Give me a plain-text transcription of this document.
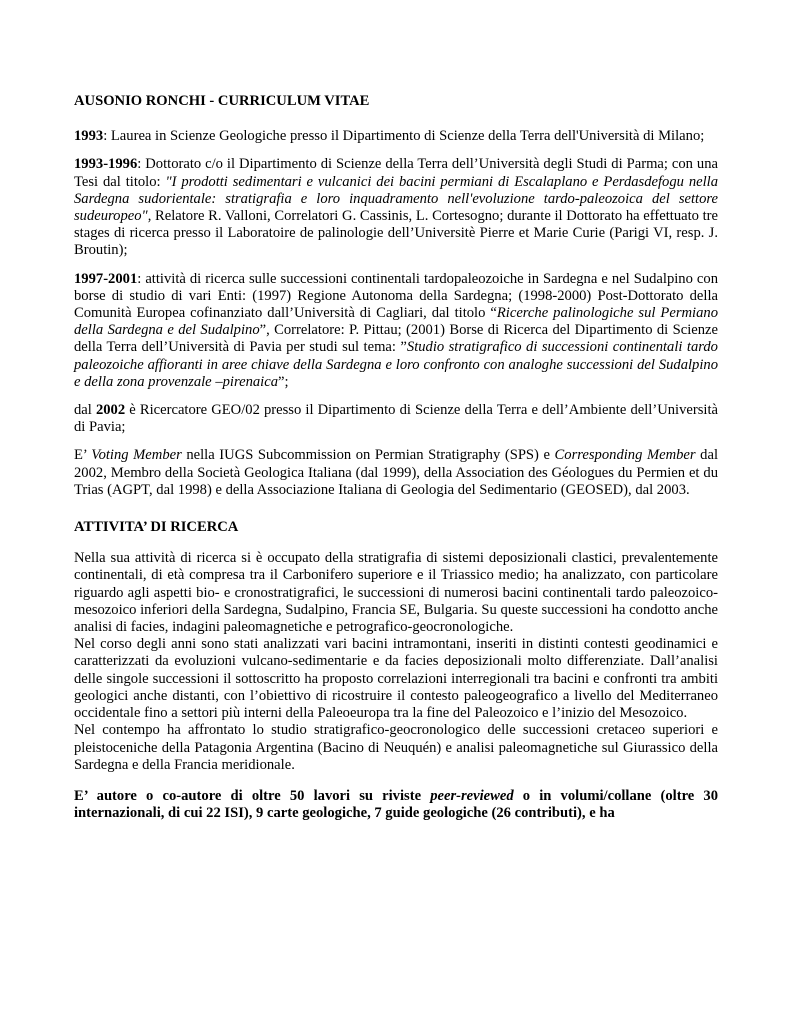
AUSONIO RONCHI - CURRICULUM VITAE

1993: Laurea in Scienze Geologiche presso il Dipartimento di Scienze della Terra dell'Università di Milano;

1993-1996: Dottorato c/o il Dipartimento di Scienze della Terra dell’Università degli Studi di Parma; con una Tesi dal titolo: "I prodotti sedimentari e vulcanici dei bacini permiani di Escalaplano e Perdasdefogu nella Sardegna sudorientale: stratigrafia e loro inquadramento nell'evoluzione tardo-paleozoica del settore sudeuropeo", Relatore R. Valloni, Correlatori G. Cassinis, L. Cortesogno; durante il Dottorato ha effettuato tre stages di ricerca presso il Laboratoire de palinologie dell’Universitè Pierre et Marie Curie (Parigi VI, resp. J. Broutin);

1997-2001: attività di ricerca sulle successioni continentali tardopaleozoiche in Sardegna e nel Sudalpino con borse di studio di vari Enti: (1997) Regione Autonoma della Sardegna; (1998-2000) Post-Dottorato della Comunità Europea cofinanziato dall’Università di Cagliari, dal titolo “Ricerche palinologiche sul Permiano della Sardegna e del Sudalpino”, Correlatore: P. Pittau; (2001) Borse di Ricerca del Dipartimento di Scienze della Terra dell’Università di Pavia per studi sul tema: ”Studio stratigrafico di successioni continentali tardo paleozoiche affioranti in aree chiave della Sardegna e loro confronto con analoghe successioni del Sudalpino e della zona provenzale –pirenaica”;

dal 2002 è Ricercatore GEO/02 presso il Dipartimento di Scienze della Terra e dell’Ambiente dell’Università di Pavia;

E’ Voting Member nella IUGS Subcommission on Permian Stratigraphy (SPS) e Corresponding Member dal 2002, Membro della Società Geologica Italiana (dal 1999), della Association des Géologues du Permien et du Trias (AGPT, dal 1998) e della Associazione Italiana di Geologia del Sedimentario (GEOSED), dal 2003.

ATTIVITA’ DI RICERCA

Nella sua attività di ricerca si è occupato della stratigrafia di sistemi deposizionali clastici, prevalentemente continentali, di età compresa tra il Carbonifero superiore e il Triassico medio; ha analizzato, con particolare riguardo agli aspetti bio- e cronostratigrafici, le successioni di numerosi bacini continentali tardo paleozoico-mesozoico inferiori della Sardegna, Sudalpino, Francia SE, Bulgaria. Su queste successioni ha condotto anche analisi di facies, indagini paleomagnetiche e petrografico-geocronologiche.

Nel corso degli anni sono stati analizzati vari bacini intramontani, inseriti in distinti contesti geodinamici e caratterizzati da evoluzioni vulcano-sedimentarie e da facies deposizionali molto differenziate. Dall’analisi delle singole successioni il sottoscritto ha proposto correlazioni interregionali tra bacini e confronti tra ambiti geologici anche distanti, con l’obiettivo di ricostruire il contesto paleogeografico a livello del Mediterraneo occidentale fino a settori più interni della Paleoeuropa tra la fine del Paleozoico e l’inizio del Mesozoico.

Nel contempo ha affrontato lo studio stratigrafico-geocronologico delle successioni cretaceo superiori e pleistoceniche della Patagonia Argentina (Bacino di Neuquén) e analisi paleomagnetiche sul Giurassico della Sardegna e della Francia meridionale.

E’ autore o co-autore di oltre 50 lavori su riviste peer-reviewed o in volumi/collane (oltre 30 internazionali, di cui 22 ISI), 9 carte geologiche, 7 guide geologiche (26 contributi), e ha
